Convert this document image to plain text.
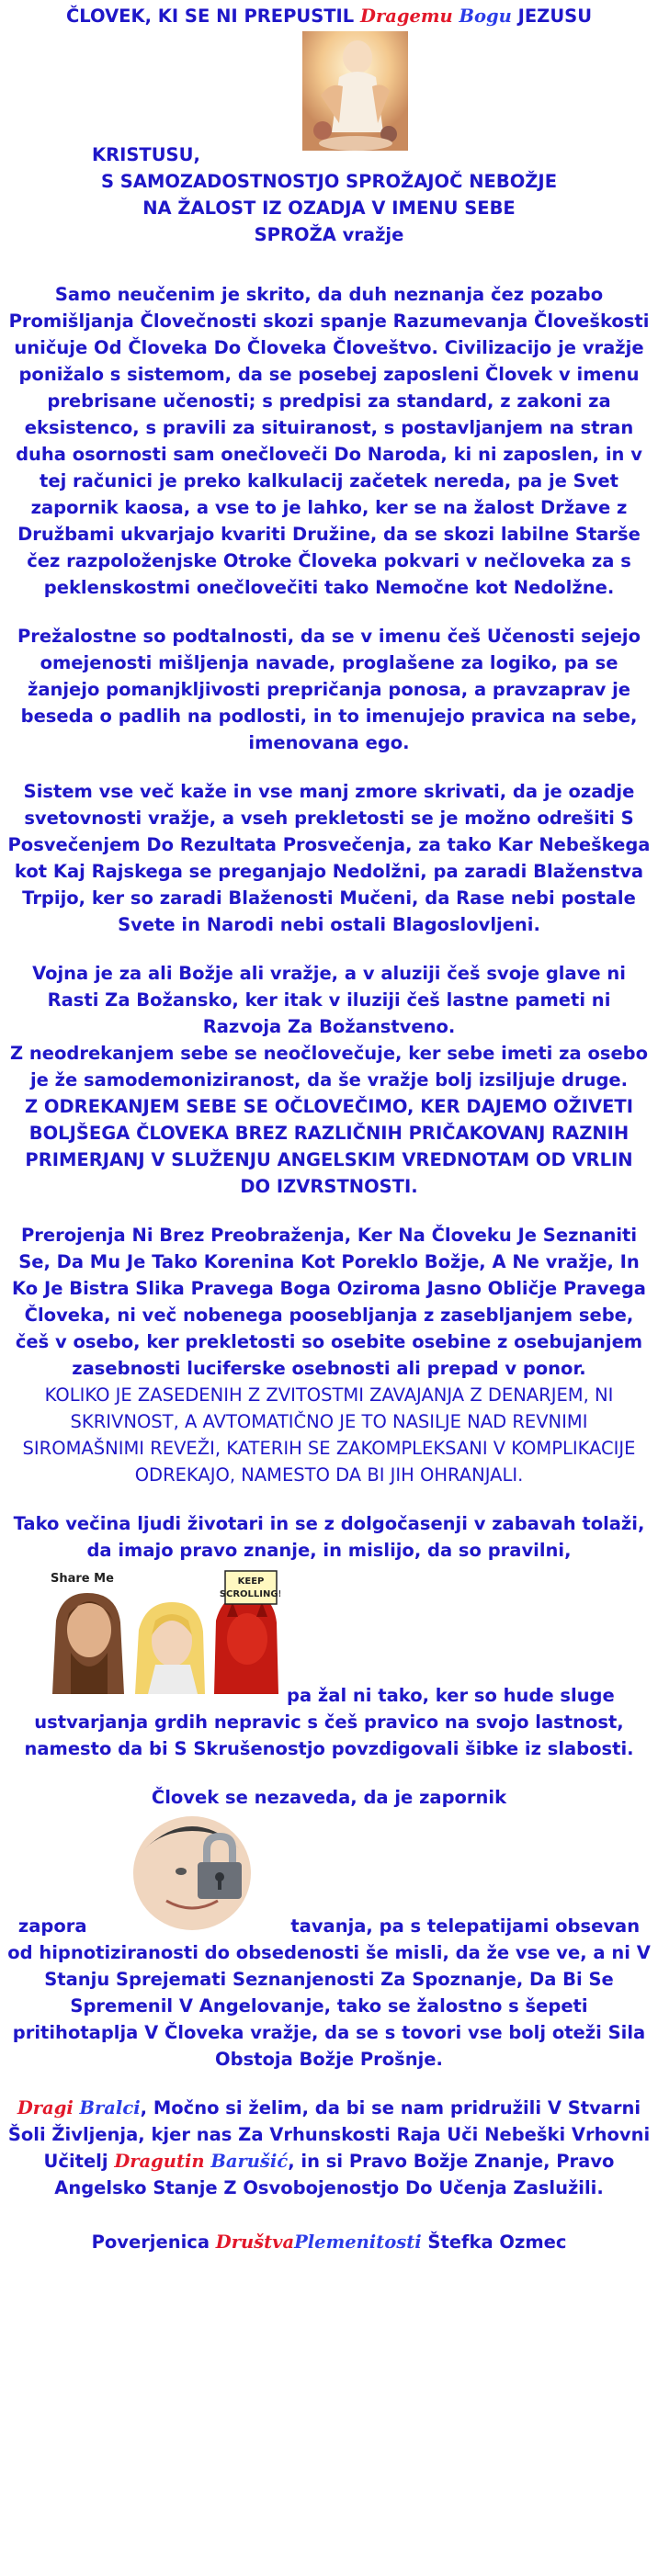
ČLOVEK, KI SE NI PREPUSTIL Dragemu Bogu JEZUSU

KRISTUSU,

S SAMOZADOSTNOSTJO SPROŽAJOČ NEBOŽJE

NA ŽALOST IZ OZADJA V IMENU SEBE

SPROŽA vražje

Samo neučenim je skrito, da duh neznanja čez pozabo Promišljanja Človečnosti skozi spanje Razumevanja Človeškosti uničuje Od Človeka Do Človeka Človeštvo. Civilizacijo je vražje ponižalo s sistemom, da se posebej zaposleni Človek v imenu prebrisane učenosti; s predpisi za standard, z zakoni za eksistenco, s pravili za situiranost, s postavljanjem na stran duha osornosti sam onečloveči Do Naroda, ki ni zaposlen, in v tej računici je preko kalkulacij začetek nereda, pa je Svet zapornik kaosa, a vse to je lahko, ker se na žalost Države z Družbami ukvarjajo kvariti Družine, da se skozi labilne Starše čez razpoloženjske Otroke Človeka pokvari v nečloveka za s peklenskostmi onečlovečiti tako Nemočne kot Nedolžne.

Prežalostne so podtalnosti, da se v imenu češ Učenosti sejejo omejenosti mišljenja navade, proglašene za logiko, pa se žanjejo pomanjkljivosti prepričanja ponosa, a pravzaprav je beseda o padlih na podlosti, in to imenujejo pravica na sebe, imenovana ego.

Sistem vse več kaže in vse manj zmore skrivati, da je ozadje svetovnosti vražje, a vseh prekletosti se je možno odrešiti S Posvečenjem Do Rezultata Prosvečenja, za tako Kar Nebeškega kot Kaj Rajskega se preganjajo Nedolžni, pa zaradi Blaženstva Trpijo, ker so zaradi Blaženosti Mučeni, da Rase nebi postale Svete in Narodi nebi ostali Blagoslovljeni.

Vojna je za ali Božje ali vražje, a v aluziji češ svoje glave ni Rasti Za Božansko, ker itak v iluziji češ lastne pameti ni Razvoja Za Božanstveno.

Z neodrekanjem sebe se neočlovečuje, ker sebe imeti za osebo je že samodemoniziranost, da še vražje bolj izsiljuje druge.

Z ODREKANJEM SEBE SE OČLOVEČIMO, KER DAJEMO OŽIVETI BOLJŠEGA ČLOVEKA BREZ RAZLIČNIH PRIČAKOVANJ RAZNIH PRIMERJANJ V SLUŽENJU ANGELSKIM VREDNOTAM OD VRLIN DO IZVRSTNOSTI.

Prerojenja Ni Brez Preobraženja, Ker Na Človeku Je Seznaniti Se, Da Mu Je Tako Korenina Kot Poreklo Božje, A Ne vražje, In Ko Je Bistra Slika Pravega Boga Oziroma Jasno Obličje Pravega Človeka, ni več nobenega poosebljanja z zasebljanjem sebe, češ v osebo, ker prekletosti so osebite osebine z osebujanjem zasebnosti luciferske osebnosti ali prepad v ponor.

KOLIKO JE ZASEDENIH Z ZVITOSTMI ZAVAJANJA Z DENARJEM, NI SKRIVNOST, A AVTOMATIČNO JE TO NASILJE NAD REVNIMI SIROMAŠNIMI REVEŽI, KATERIH SE ZAKOMPLEKSANI V KOMPLIKACIJE ODREKAJO, NAMESTO DA BI JIH OHRANJALI.

Tako večina ljudi životari in se z dolgočasenji v zabavah tolaži, da imajo pravo znanje, in mislijo, da so pravilni,

Share Me	KEEP
SCROLLING!
pa žal ni tako, ker so hude sluge ustvarjanja grdih nepravic s češ pravico na svojo lastnost, namesto da bi S Skrušenostjo povzdigovali šibke iz slabosti.

Človek se nezaveda, da je zapornik

zapora	tavanja, pa s telepatijami obsevan od hipnotiziranosti do obsedenosti še misli, da že vse ve, a ni V Stanju Sprejemati Seznanjenosti Za Spoznanje, Da Bi Se Spremenil V Angelovanje, tako se žalostno s šepeti pritihotaplja V Človeka vražje, da se s tovori vse bolj oteži Sila Obstoja Božje Prošnje.

Dragi Bralci, Močno si želim, da bi se nam pridružili V Stvarni Šoli Življenja, kjer nas Za Vrhunskosti Raja Uči Nebeški Vrhovni Učitelj Dragutin Barušić, in si Pravo Božje Znanje, Pravo Angelsko Stanje Z Osvobojenostjo Do Učenja Zaslužili.

Poverjenica DruštvaPlemenitosti Štefka Ozmec
